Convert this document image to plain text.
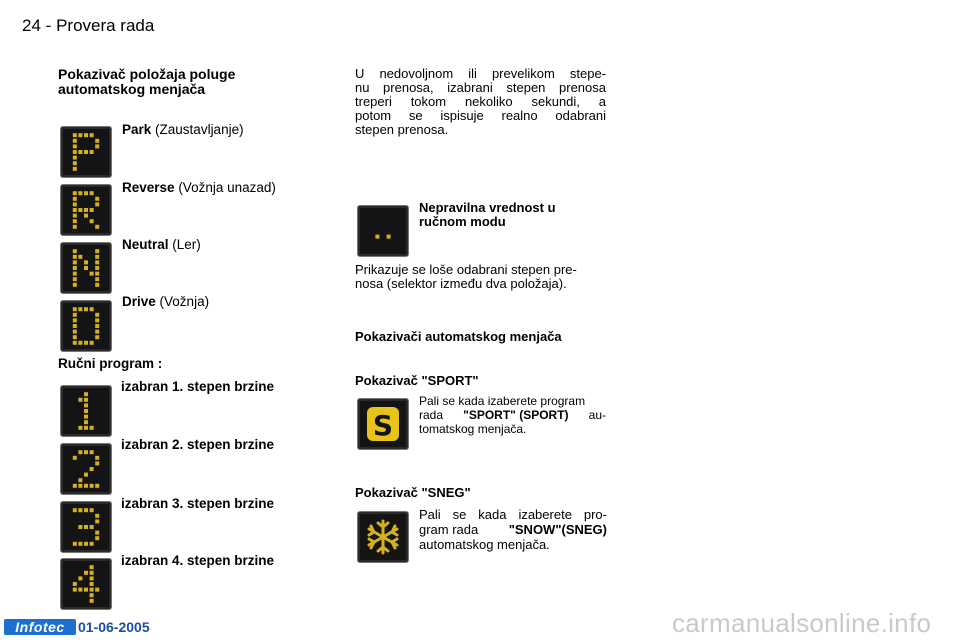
24 - Provera rada
Pokazivač položaja poluge
automatskog menjača
Park (Zaustavljanje)
Reverse (Vožnja unazad)
Neutral (Ler)
Drive (Vožnja)
Ručni program :
izabran 1. stepen brzine
izabran 2. stepen brzine
izabran 3. stepen brzine
izabran 4. stepen brzine
U nedovoljnom ili prevelikom stepe-
nu prenosa, izabrani stepen prenosa
treperi tokom nekoliko sekundi, a
potom se ispisuje realno odabrani
stepen prenosa.
Nepravilna vrednost u
ručnom modu
Prikazuje se loše odabrani stepen pre-
nosa (selektor između dva položaja).
Pokazivači automatskog menjača
Pokazivač "SPORT"
S
Pali se kada izaberete program
rada "SPORT" (SPORT) au-
tomatskog menjača.
Pokazivač "SNEG"
Pali se kada izaberete pro-
gram rada "SNOW"(SNEG)
automatskog menjača.
Infotec 01-06-2005	carmanualsonline.info
